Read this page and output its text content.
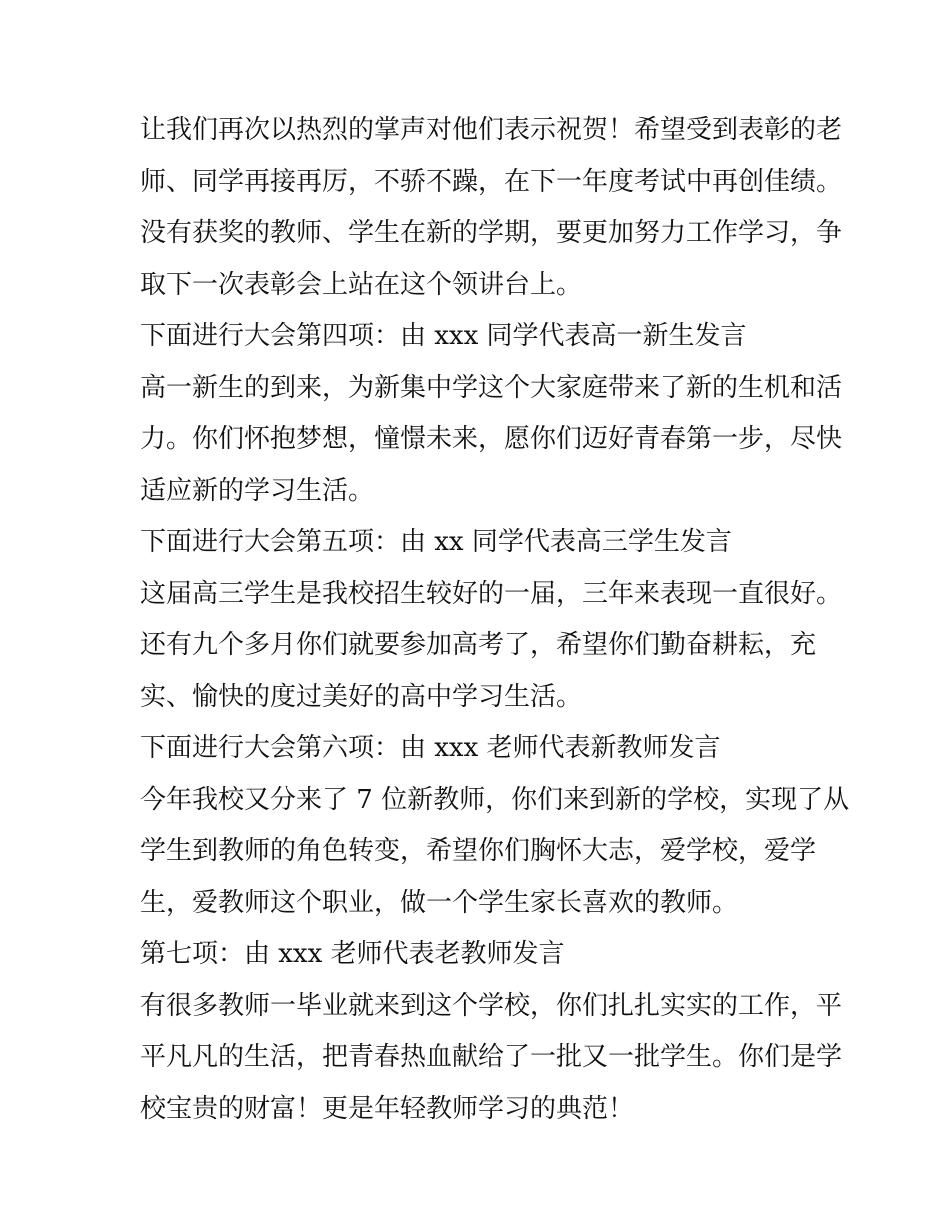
让我们再次以热烈的掌声对他们表示祝贺！希望受到表彰的老
师、同学再接再厉，不骄不躁，在下一年度考试中再创佳绩。
没有获奖的教师、学生在新的学期，要更加努力工作学习，争
取下一次表彰会上站在这个领讲台上。
下面进行大会第四项：由 xxx 同学代表高一新生发言
高一新生的到来，为新集中学这个大家庭带来了新的生机和活
力。你们怀抱梦想，憧憬未来，愿你们迈好青春第一步，尽快
适应新的学习生活。
下面进行大会第五项：由 xx 同学代表高三学生发言
这届高三学生是我校招生较好的一届，三年来表现一直很好。
还有九个多月你们就要参加高考了，希望你们勤奋耕耘，充
实、愉快的度过美好的高中学习生活。
下面进行大会第六项：由 xxx 老师代表新教师发言
今年我校又分来了 7 位新教师，你们来到新的学校，实现了从
学生到教师的角色转变，希望你们胸怀大志，爱学校，爱学
生，爱教师这个职业，做一个学生家长喜欢的教师。
第七项：由 xxx 老师代表老教师发言
有很多教师一毕业就来到这个学校，你们扎扎实实的工作，平
平凡凡的生活，把青春热血献给了一批又一批学生。你们是学
校宝贵的财富！更是年轻教师学习的典范！
